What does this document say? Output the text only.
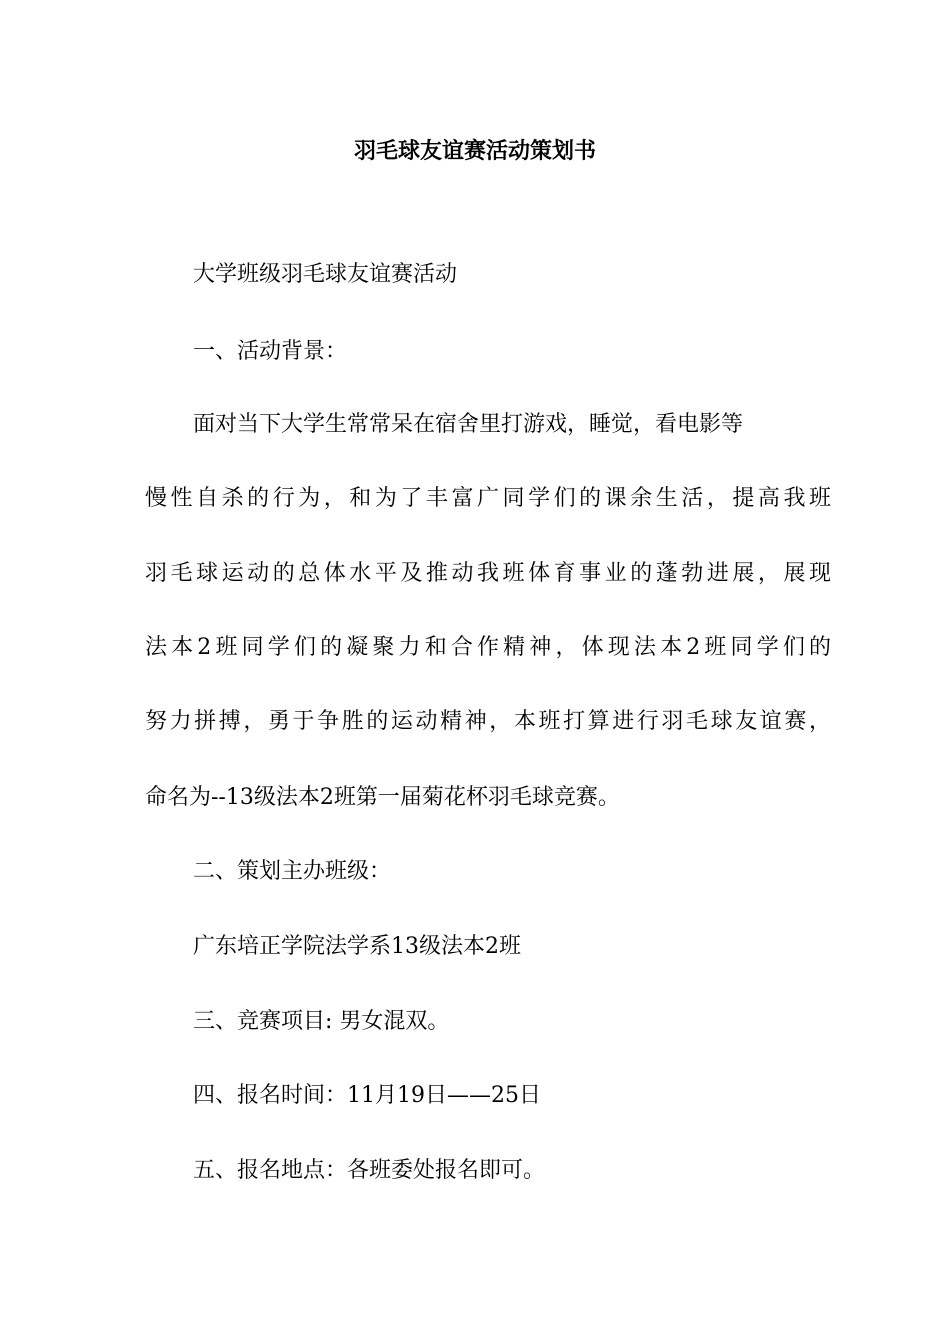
羽毛球友谊赛活动策划书
大学班级羽毛球友谊赛活动
一、活动背景：
面对当下大学生常常呆在宿舍里打游戏，睡觉，看电影等
慢性自杀的行为，和为了丰富广同学们的课余生活，提高我班
羽毛球运动的总体水平及推动我班体育事业的蓬勃进展，展现
法本2班同学们的凝聚力和合作精神，体现法本2班同学们的
努力拼搏，勇于争胜的运动精神，本班打算进行羽毛球友谊赛，
命名为--13级法本2班第一届菊花杯羽毛球竞赛。
二、策划主办班级：
广东培正学院法学系13级法本2班
三、竞赛项目: 男女混双。
四、报名时间：11月19日——25日
五、报名地点：各班委处报名即可。
